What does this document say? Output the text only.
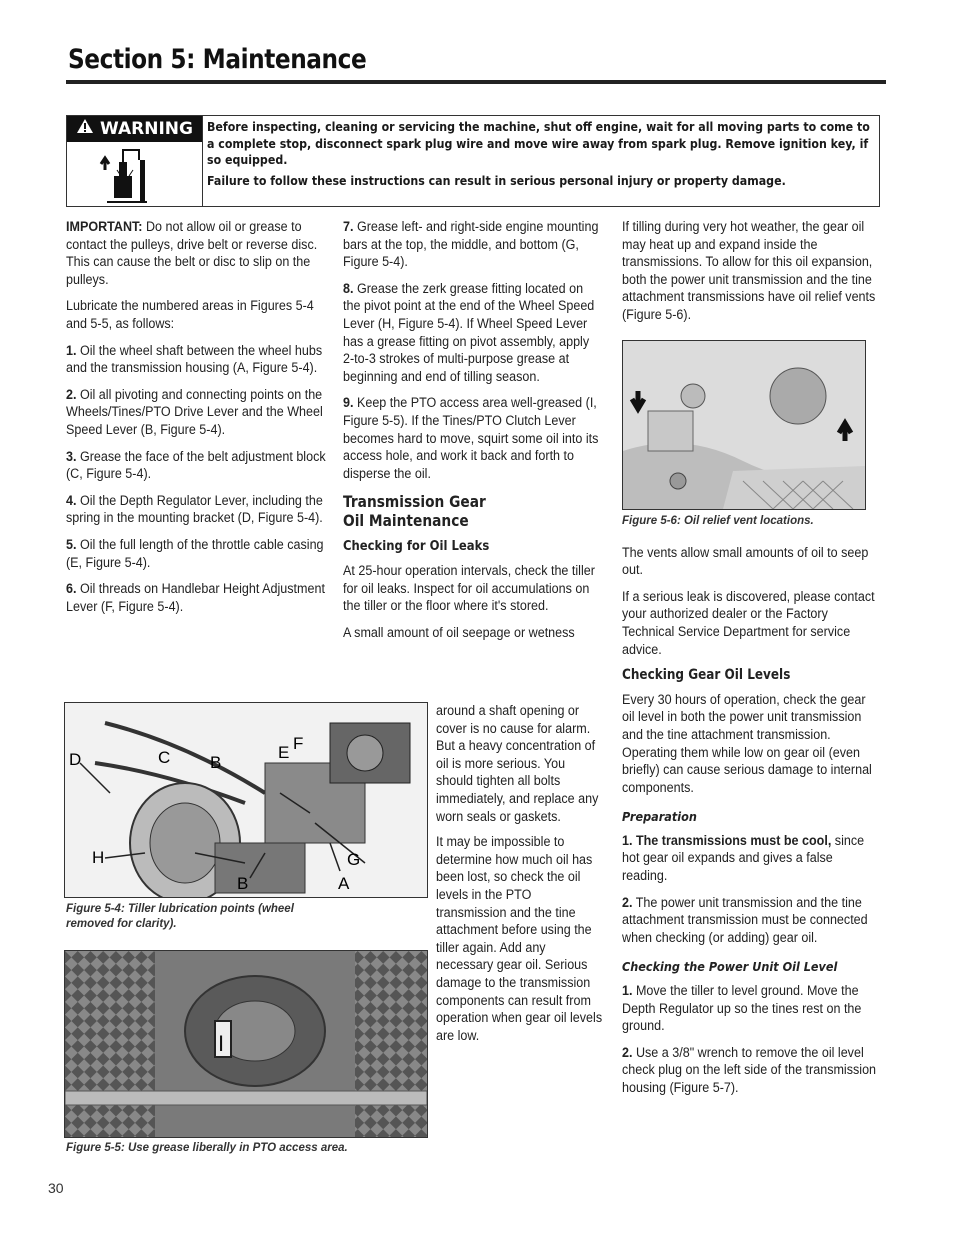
Section 5: Maintenance
WARNING Before inspecting, cleaning or servicing the machine, shut off engine, wait for all moving parts to come to a complete stop, disconnect spark plug wire and move wire away from spark plug. Remove ignition key, if so equipped.

Failure to follow these instructions can result in serious personal injury or property damage.

IMPORTANT: Do not allow oil or grease to contact the pulleys, drive belt or reverse disc. This can cause the belt or disc to slip on the pulleys.

Lubricate the numbered areas in Figures 5-4 and 5-5, as follows:

1. Oil the wheel shaft between the wheel hubs and the transmission housing (A, Figure 5-4).

2. Oil all pivoting and connecting points on the Wheels/Tines/PTO Drive Lever and the Wheel Speed Lever (B, Figure 5-4).

3. Grease the face of the belt adjustment block (C, Figure 5-4).

4. Oil the Depth Regulator Lever, including the spring in the mounting bracket (D, Figure 5-4).

5. Oil the full length of the throttle cable casing (E, Figure 5-4).

6. Oil threads on Handlebar Height Adjustment Lever (F, Figure 5-4).

7. Grease left- and right-side engine mounting bars at the top, the middle, and bottom (G, Figure 5-4).

8. Grease the zerk grease fitting located on the pivot point at the end of the Wheel Speed Lever (H, Figure 5-4). If Wheel Speed Lever has a grease fitting on pivot assembly, apply 2-to-3 strokes of multi-purpose grease at beginning and end of tilling season.

9. Keep the PTO access area well-greased (I, Figure 5-5). If the Tines/PTO Clutch Lever becomes hard to move, squirt some oil into its access hole, and work it back and forth to disperse the oil.

Transmission Gear Oil Maintenance
Checking for Oil Leaks

At 25-hour operation intervals, check the tiller for oil leaks. Inspect for oil accumulations on the tiller or the floor where it's stored.

A small amount of oil seepage or wetness

around a shaft opening or cover is no cause for alarm. But a heavy concentration of oil is more serious. You should tighten all bolts immediately, and replace any worn seals or gaskets.

It may be impossible to determine how much oil has been lost, so check the oil levels in the PTO transmission and the tine attachment before using the tiller again. Add any necessary gear oil. Serious damage to the transmission components can result from operation when gear oil levels are low.

If tilling during very hot weather, the gear oil may heat up and expand inside the transmissions. To allow for this oil expansion, both the power unit transmission and the tine attachment transmissions have oil relief vents (Figure 5-6).

The vents allow small amounts of oil to seep out.

If a serious leak is discovered, please contact your authorized dealer or the Factory Technical Service Department for service advice.

Checking Gear Oil Levels

Every 30 hours of operation, check the gear oil level in both the power unit transmission and the tine attachment transmission. Operating them while low on gear oil (even briefly) can cause serious damage to internal components.

Preparation

1. The transmissions must be cool, since hot gear oil expands and gives a false reading.

2. The power unit transmission and the tine attachment transmission must be connected when checking (or adding) gear oil.

Checking the Power Unit Oil Level

1. Move the tiller to level ground. Move the Depth Regulator up so the tines rest on the ground.

2. Use a 3/8" wrench to remove the oil level check plug on the left side of the transmission housing (Figure 5-7).

Figure 5-6: Oil relief vent locations.
F
B
D	C	E
H	G
B	A
Figure 5-4: Tiller lubrication points (wheel removed for clarity).
I
Figure 5-5: Use grease liberally in PTO access area.
30
